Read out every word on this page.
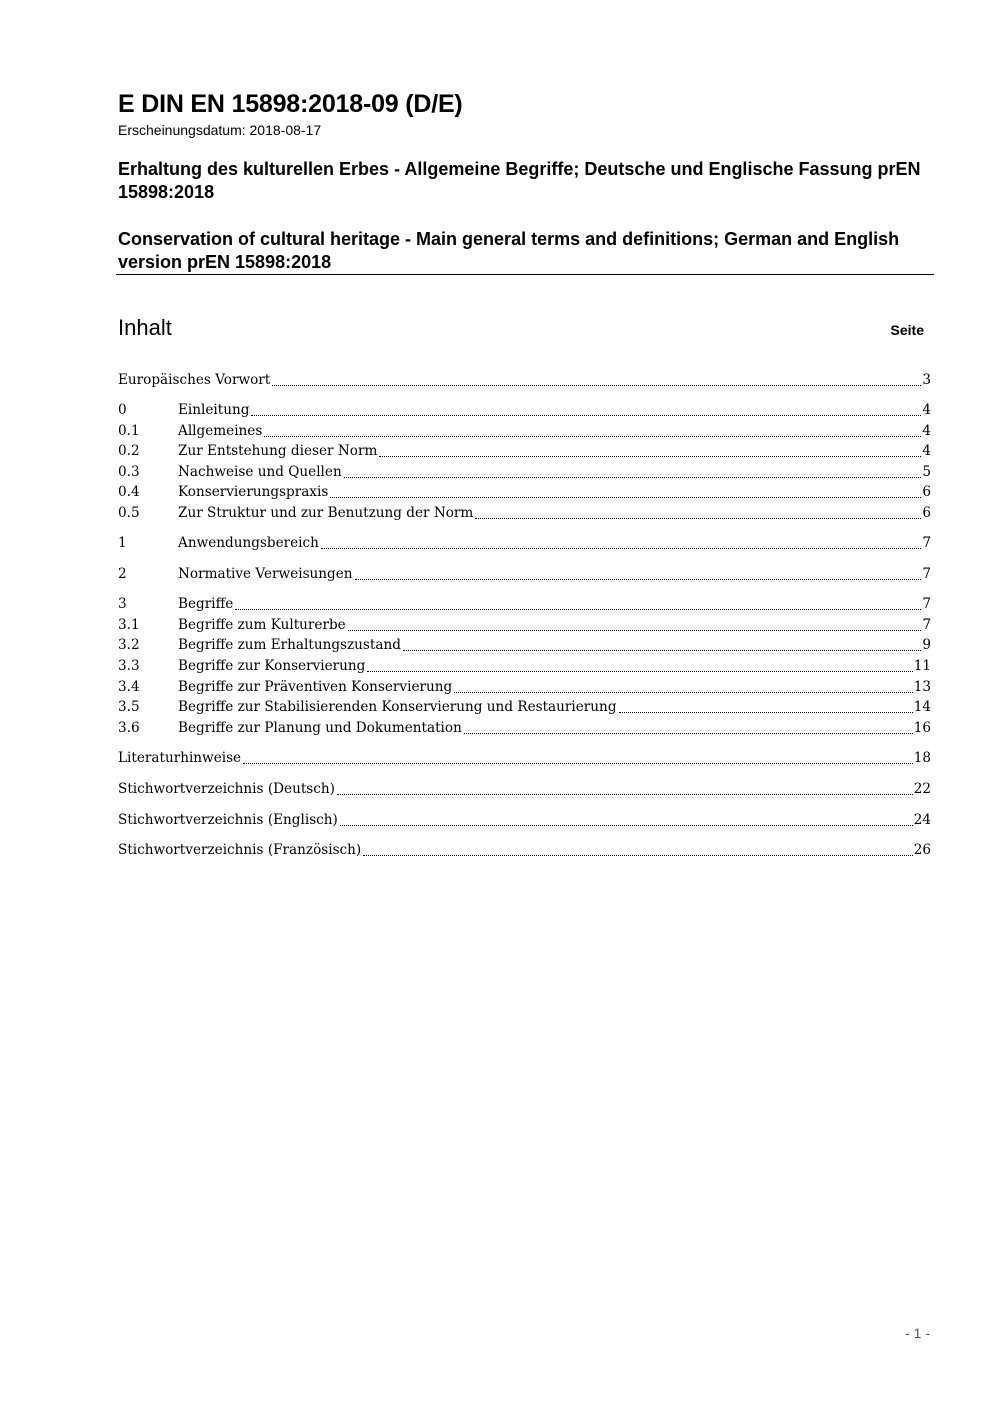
E DIN EN 15898:2018-09 (D/E)
Erscheinungsdatum: 2018-08-17

Erhaltung des kulturellen Erbes - Allgemeine Begriffe; Deutsche und Englische Fassung prEN 15898:2018

Conservation of cultural heritage - Main general terms and definitions; German and English version prEN 15898:2018

Inhalt	Seite
Europäisches Vorwort	3
0	Einleitung	4
0.1	Allgemeines	4
0.2	Zur Entstehung dieser Norm	4
0.3	Nachweise und Quellen	5
0.4	Konservierungspraxis	6
0.5	Zur Struktur und zur Benutzung der Norm	6
1	Anwendungsbereich	7
2	Normative Verweisungen	7
3	Begriffe	7
3.1	Begriffe zum Kulturerbe	7
3.2	Begriffe zum Erhaltungszustand	9
3.3	Begriffe zur Konservierung	11
3.4	Begriffe zur Präventiven Konservierung	13
3.5	Begriffe zur Stabilisierenden Konservierung und Restaurierung	14
3.6	Begriffe zur Planung und Dokumentation	16
Literaturhinweise	18
Stichwortverzeichnis (Deutsch)	22
Stichwortverzeichnis (Englisch)	24
Stichwortverzeichnis (Französisch)	26
- 1 -
